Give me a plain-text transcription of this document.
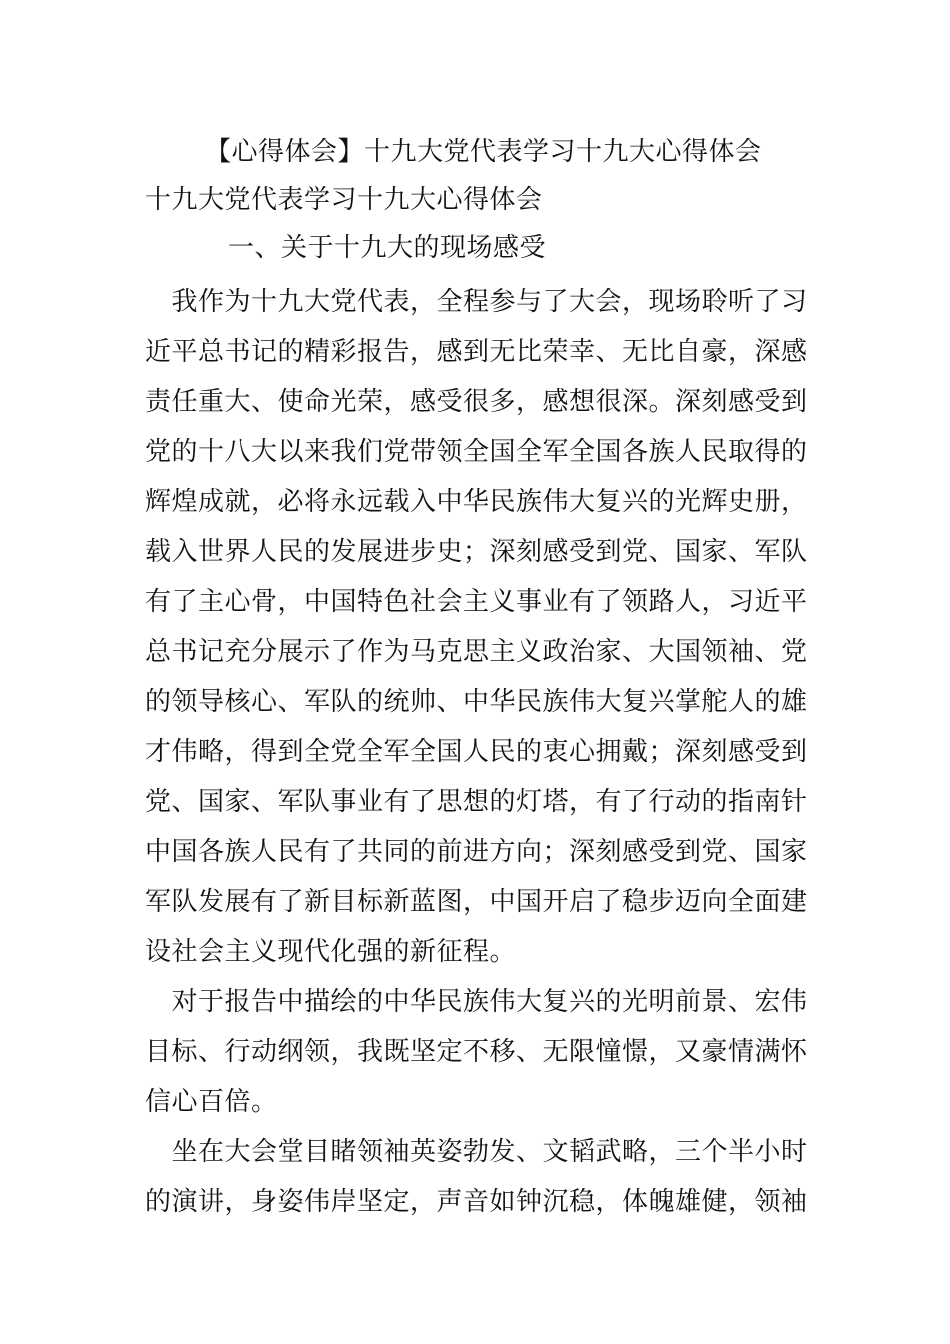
【心得体会】十九大党代表学习十九大心得体会
十九大党代表学习十九大心得体会
一、关于十九大的现场感受
　我作为十九大党代表，全程参与了大会，现场聆听了习
近平总书记的精彩报告，感到无比荣幸、无比自豪，深感
责任重大、使命光荣，感受很多，感想很深。深刻感受到
党的十八大以来我们党带领全国全军全国各族人民取得的
辉煌成就，必将永远载入中华民族伟大复兴的光辉史册，
载入世界人民的发展进步史；深刻感受到党、国家、军队
有了主心骨，中国特色社会主义事业有了领路人，习近平
总书记充分展示了作为马克思主义政治家、大国领袖、党
的领导核心、军队的统帅、中华民族伟大复兴掌舵人的雄
才伟略，得到全党全军全国人民的衷心拥戴；深刻感受到
党、国家、军队事业有了思想的灯塔，有了行动的指南针
中国各族人民有了共同的前进方向；深刻感受到党、国家
军队发展有了新目标新蓝图，中国开启了稳步迈向全面建
设社会主义现代化强的新征程。
　对于报告中描绘的中华民族伟大复兴的光明前景、宏伟
目标、行动纲领，我既坚定不移、无限憧憬，又豪情满怀
信心百倍。
　坐在大会堂目睹领袖英姿勃发、文韬武略，三个半小时
的演讲，身姿伟岸坚定，声音如钟沉稳，体魄雄健，领袖
